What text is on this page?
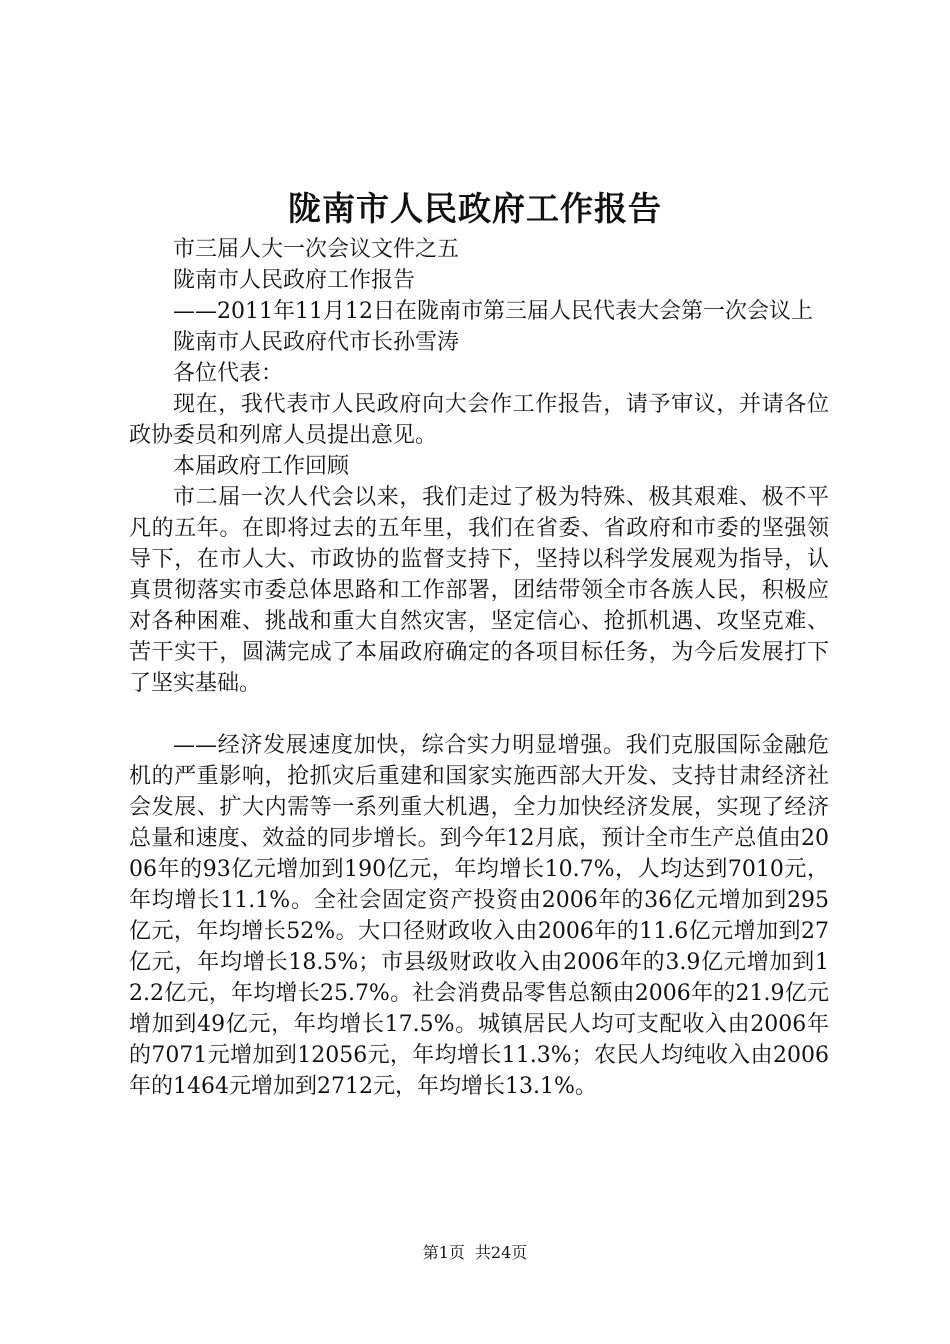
陇南市人民政府工作报告

市三届人大一次会议文件之五

陇南市人民政府工作报告

——2011年11月12日在陇南市第三届人民代表大会第一次会议上

陇南市人民政府代市长孙雪涛

各位代表：

现在，我代表市人民政府向大会作工作报告，请予审议，并请各位政协委员和列席人员提出意见。

本届政府工作回顾

市二届一次人代会以来，我们走过了极为特殊、极其艰难、极不平凡的五年。在即将过去的五年里，我们在省委、省政府和市委的坚强领导下，在市人大、市政协的监督支持下，坚持以科学发展观为指导，认真贯彻落实市委总体思路和工作部署，团结带领全市各族人民，积极应对各种困难、挑战和重大自然灾害，坚定信心、抢抓机遇、攻坚克难、苦干实干，圆满完成了本届政府确定的各项目标任务，为今后发展打下了坚实基础。

——经济发展速度加快，综合实力明显增强。我们克服国际金融危机的严重影响，抢抓灾后重建和国家实施西部大开发、支持甘肃经济社会发展、扩大内需等一系列重大机遇，全力加快经济发展，实现了经济总量和速度、效益的同步增长。到今年12月底，预计全市生产总值由2006年的93亿元增加到190亿元，年均增长10.7%，人均达到7010元，年均增长11.1%。全社会固定资产投资由2006年的36亿元增加到295亿元，年均增长52%。大口径财政收入由2006年的11.6亿元增加到27亿元，年均增长18.5%；市县级财政收入由2006年的3.9亿元增加到12.2亿元，年均增长25.7%。社会消费品零售总额由2006年的21.9亿元增加到49亿元，年均增长17.5%。城镇居民人均可支配收入由2006年的7071元增加到12056元，年均增长11.3%；农民人均纯收入由2006年的1464元增加到2712元，年均增长13.1%。

第1页 共24页
